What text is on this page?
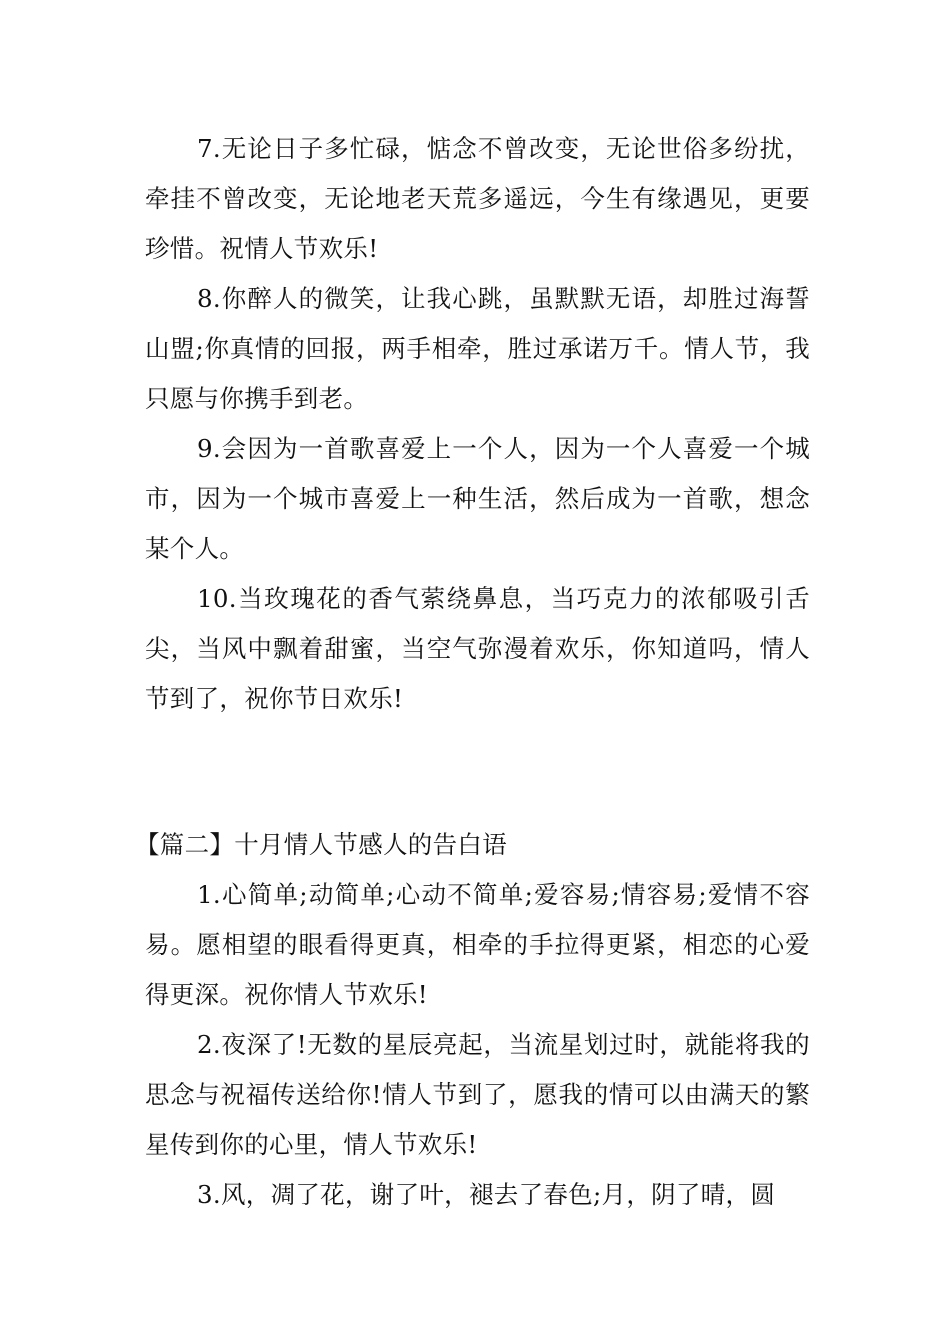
7.无论日子多忙碌，惦念不曾改变，无论世俗多纷扰，牵挂不曾改变，无论地老天荒多遥远，今生有缘遇见，更要珍惜。祝情人节欢乐!

8.你醉人的微笑，让我心跳，虽默默无语，却胜过海誓山盟;你真情的回报，两手相牵，胜过承诺万千。情人节，我只愿与你携手到老。

9.会因为一首歌喜爱上一个人，因为一个人喜爱一个城市，因为一个城市喜爱上一种生活，然后成为一首歌，想念某个人。

10.当玫瑰花的香气萦绕鼻息，当巧克力的浓郁吸引舌尖，当风中飘着甜蜜，当空气弥漫着欢乐，你知道吗，情人节到了，祝你节日欢乐!

【篇二】十月情人节感人的告白语

1.心简单;动简单;心动不简单;爱容易;情容易;爱情不容易。愿相望的眼看得更真，相牵的手拉得更紧，相恋的心爱得更深。祝你情人节欢乐!

2.夜深了!无数的星辰亮起，当流星划过时，就能将我的思念与祝福传送给你!情人节到了，愿我的情可以由满天的繁星传到你的心里，情人节欢乐!

3.风，凋了花，谢了叶，褪去了春色;月，阴了晴，圆
